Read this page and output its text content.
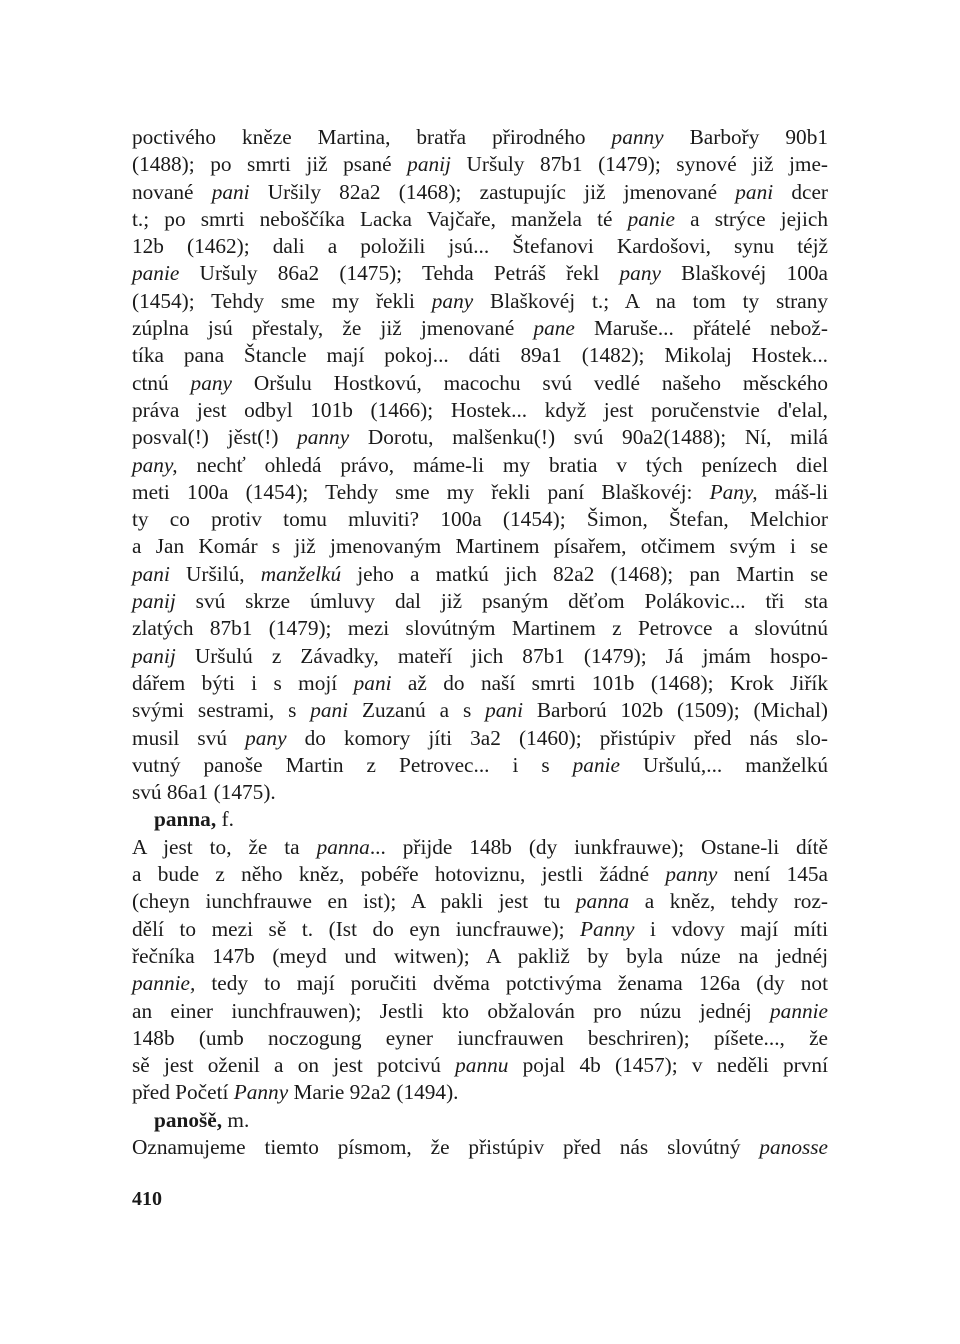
poctivého kněze Martina, bratřa přirodného panny Barbořy 90b1
(1488); po smrti již psané panij Uršuly 87b1 (1479); synové již jme-
nované pani Uršily 82a2 (1468); zastupujíc již jmenované pani dcer
t.; po smrti neboščíka Lacka Vajčaře, manžela té panie a strýce jejich
12b (1462); dali a položili jsú... Štefanovi Kardošovi, synu téjž
panie Uršuly 86a2 (1475); Tehda Petráš řekl pany Blaškovéj 100a
(1454); Tehdy sme my řekli pany Blaškovéj t.; A na tom ty strany
zúplna jsú přestaly, že již jmenované pane Maruše... přátelé nebož-
tíka pana Štancle mají pokoj... dáti 89a1 (1482); Mikolaj Hostek...
ctnú pany Oršulu Hostkovú, macochu svú vedlé našeho měsckého
práva jest odbyl 101b (1466); Hostek... když jest poručenstvie d'elal,
posval(!) jěst(!) panny Dorotu, malšenku(!) svú 90a2(1488); Ní, milá
pany, nechť ohledá právo, máme-li my bratia v tých penízech diel
meti 100a (1454); Tehdy sme my řekli paní Blaškovéj: Pany, máš-li
ty co protiv tomu mluviti? 100a (1454); Šimon, Štefan, Melchior
a Jan Komár s již jmenovaným Martinem písařem, otčimem svým i se
pani Uršilú, manželkú jeho a matkú jich 82a2 (1468); pan Martin se
panij svú skrze úmluvy dal již psaným děťom Polákovic... tři sta
zlatých 87b1 (1479); mezi slovútným Martinem z Petrovce a slovútnú
panij Uršulú z Závadky, mateří jich 87b1 (1479); Já jmám hospo-
dářem býti i s mojí pani až do naší smrti 101b (1468); Krok Jiřík
svými sestrami, s pani Zuzanú a s pani Barború 102b (1509); (Michal)
musil svú pany do komory jíti 3a2 (1460); přistúpiv před nás slo-
vutný panoše Martin z Petrovec... i s panie Uršulú,... manželkú
svú 86a1 (1475).
panna, f.
A jest to, že ta panna... přijde 148b (dy iunkfrauwe); Ostane-li dítě
a bude z něho kněz, pobéře hotoviznu, jestli žádné panny není 145a
(cheyn iunchfrauwe en ist); A pakli jest tu panna a kněz, tehdy roz-
dělí to mezi sě t. (Ist do eyn iuncfrauwe); Panny i vdovy mají míti
řečníka 147b (meyd und witwen); A pakliž by byla núze na jednéj
pannie, tedy to mají poručiti dvěma potctivýma ženama 126a (dy not
an einer iunchfrauwen); Jestli kto obžalován pro núzu jednéj pannie
148b (umb noczogung eyner iuncfrauwen beschriren); píšete..., že
sě jest oženil a on jest potcivú pannu pojal 4b (1457); v neděli první
před Početí Panny Marie 92a2 (1494).
panošě, m.
Oznamujeme tiemto písmom, že přistúpiv před nás slovútný panosse
410
